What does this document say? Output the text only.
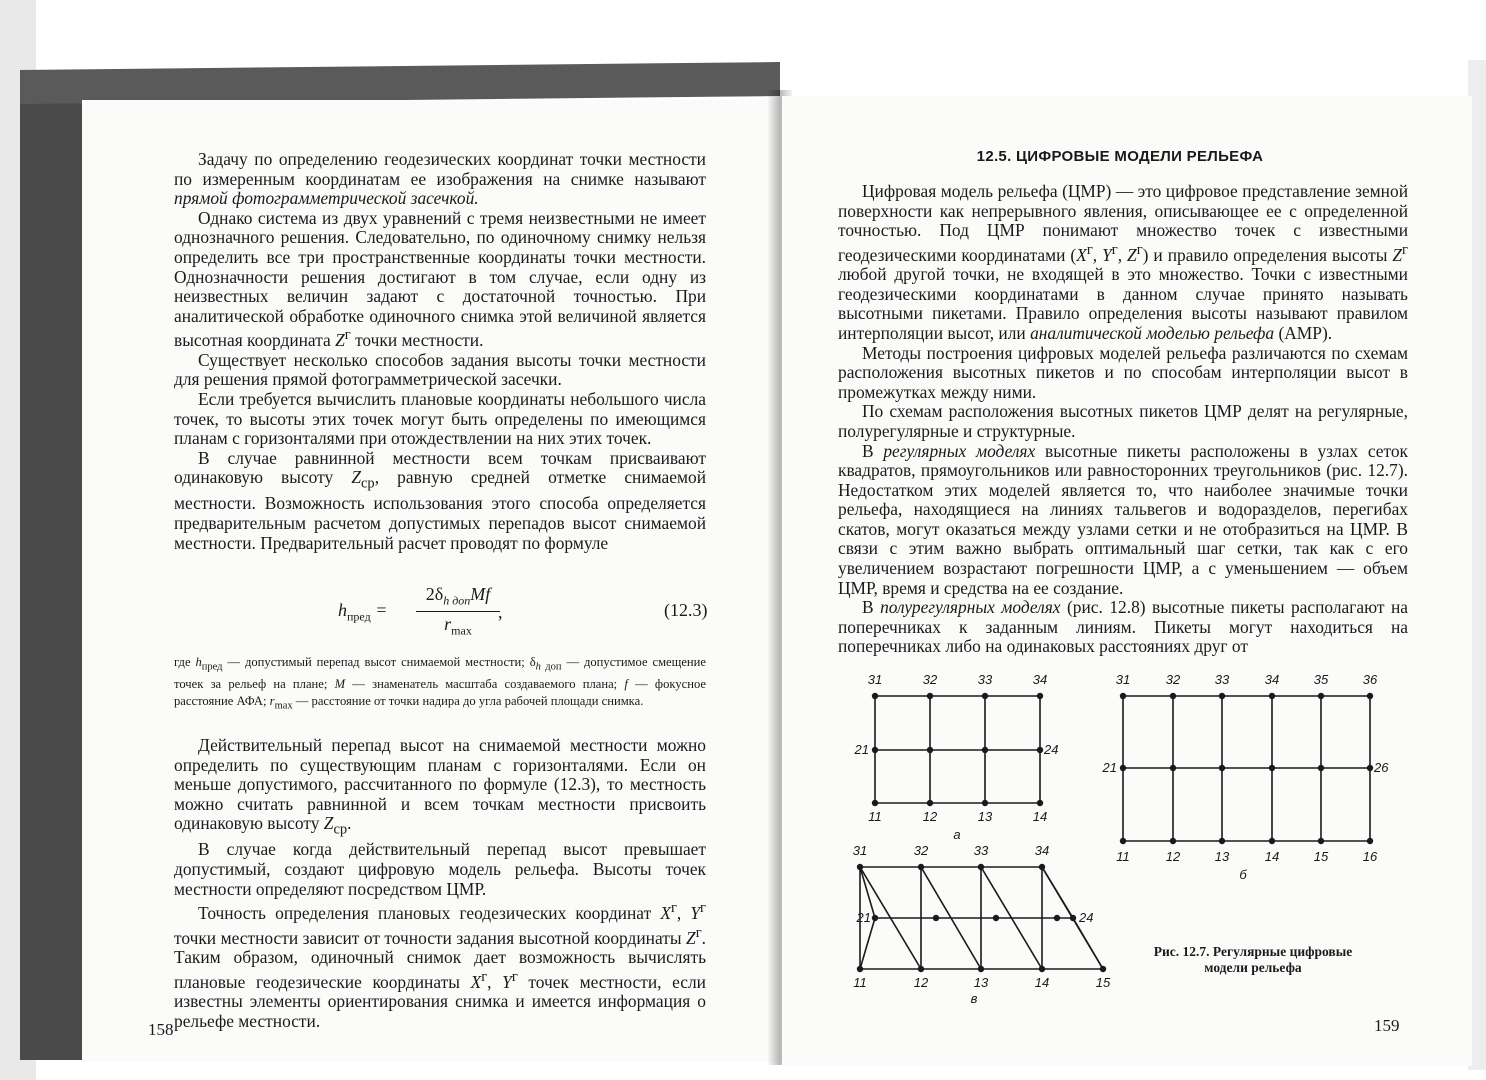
Задачу по определению геодезических координат точки местности по измеренным координатам ее изображения на снимке называют прямой фотограмметрической засечкой.

Однако система из двух уравнений с тремя неизвестными не имеет однозначного решения. Следовательно, по одиночному снимку нельзя определить все три пространственные координаты точки местности. Однозначности решения достигают в том случае, если одну из неизвестных величин задают с достаточной точностью. При аналитической обработке одиночного снимка этой величиной является высотная координата $Z^г$ точки местности.

Существует несколько способов задания высоты точки местности для решения прямой фотограмметрической засечки.

Если требуется вычислить плановые координаты небольшого числа точек, то высоты этих точек могут быть определены по имеющимся планам с горизонталями при отождествлении на них этих точек.

В случае равнинной местности всем точкам присваивают одинаковую высоту $Z_{ср}$, равную средней отметке снимаемой местности. Возможность использования этого способа определяется предварительным расчетом допустимых перепадов высот снимаемой местности. Предварительный расчет проводят по формуле

$h_{пред}$ =
$2\delta_{h доп}Mf$
,
$r_{max}$
(12.3)

где $h_{пред}$ — допустимый перепад высот снимаемой местности; $\delta_{h доп}$ — допустимое смещение точек за рельеф на плане; M — знаменатель масштаба создаваемого плана; f — фокусное расстояние АФА; $r_{max}$ — расстояние от точки надира до угла рабочей площади снимка.

Действительный перепад высот на снимаемой местности можно определить по существующим планам с горизонталями. Если он меньше допустимого, рассчитанного по формуле (12.3), то местность можно считать равнинной и всем точкам местности присвоить одинаковую высоту $Z_{ср}$.

В случае когда действительный перепад высот превышает допустимый, создают цифровую модель рельефа. Высоты точек местности определяют посредством ЦМР.

Точность определения плановых геодезических координат $X^г$, $Y^г$ точки местности зависит от точности задания высотной координаты $Z^г$. Таким образом, одиночный снимок дает возможность вычислять плановые геодезические координаты $X^г$, $Y^г$ точек местности, если известны элементы ориентирования снимка и имеется информация о рельефе местности.

158
12.5. ЦИФРОВЫЕ МОДЕЛИ РЕЛЬЕФА

Цифровая модель рельефа (ЦМР) — это цифровое представление земной поверхности как непрерывного явления, описывающее ее с определенной точностью. Под ЦМР понимают множество точек с известными геодезическими координатами ($X^г$, $Y^г$, $Z^г$) и правило определения высоты $Z^г$ любой другой точки, не входящей в это множество. Точки с известными геодезическими координатами в данном случае принято называть высотными пикетами. Правило определения высоты называют правилом интерполяции высот, или аналитической моделью рельефа (АМР).

Методы построения цифровых моделей рельефа различаются по схемам расположения высотных пикетов и по способам интерполяции высот в промежутках между ними.

По схемам расположения высотных пикетов ЦМР делят на регулярные, полурегулярные и структурные.

В регулярных моделях высотные пикеты расположены в узлах сеток квадратов, прямоугольников или равносторонних треугольников (рис. 12.7). Недостатком этих моделей является то, что наиболее значимые точки рельефа, находящиеся на линиях тальвегов и водоразделов, перегибах скатов, могут оказаться между узлами сетки и не отобразиться на ЦМР. В связи с этим важно выбрать оптимальный шаг сетки, так как с его увеличением возрастают погрешности ЦМР, а с уменьшением — объем ЦМР, время и средства на ее создание.

В полурегулярных моделях (рис. 12.8) высотные пикеты располагают на поперечниках к заданным линиям. Пикеты могут находиться на поперечниках либо на одинаковых расстояниях друг от

31	32	33	34
11	12	13	14
21	24
а
31	32	33	34	35	36
11	12	13	14	15	16
21	26
б
31	32	33	34
11	12	13	14	15
21	24
в
Рис. 12.7. Регулярные цифровые модели рельефа
159
